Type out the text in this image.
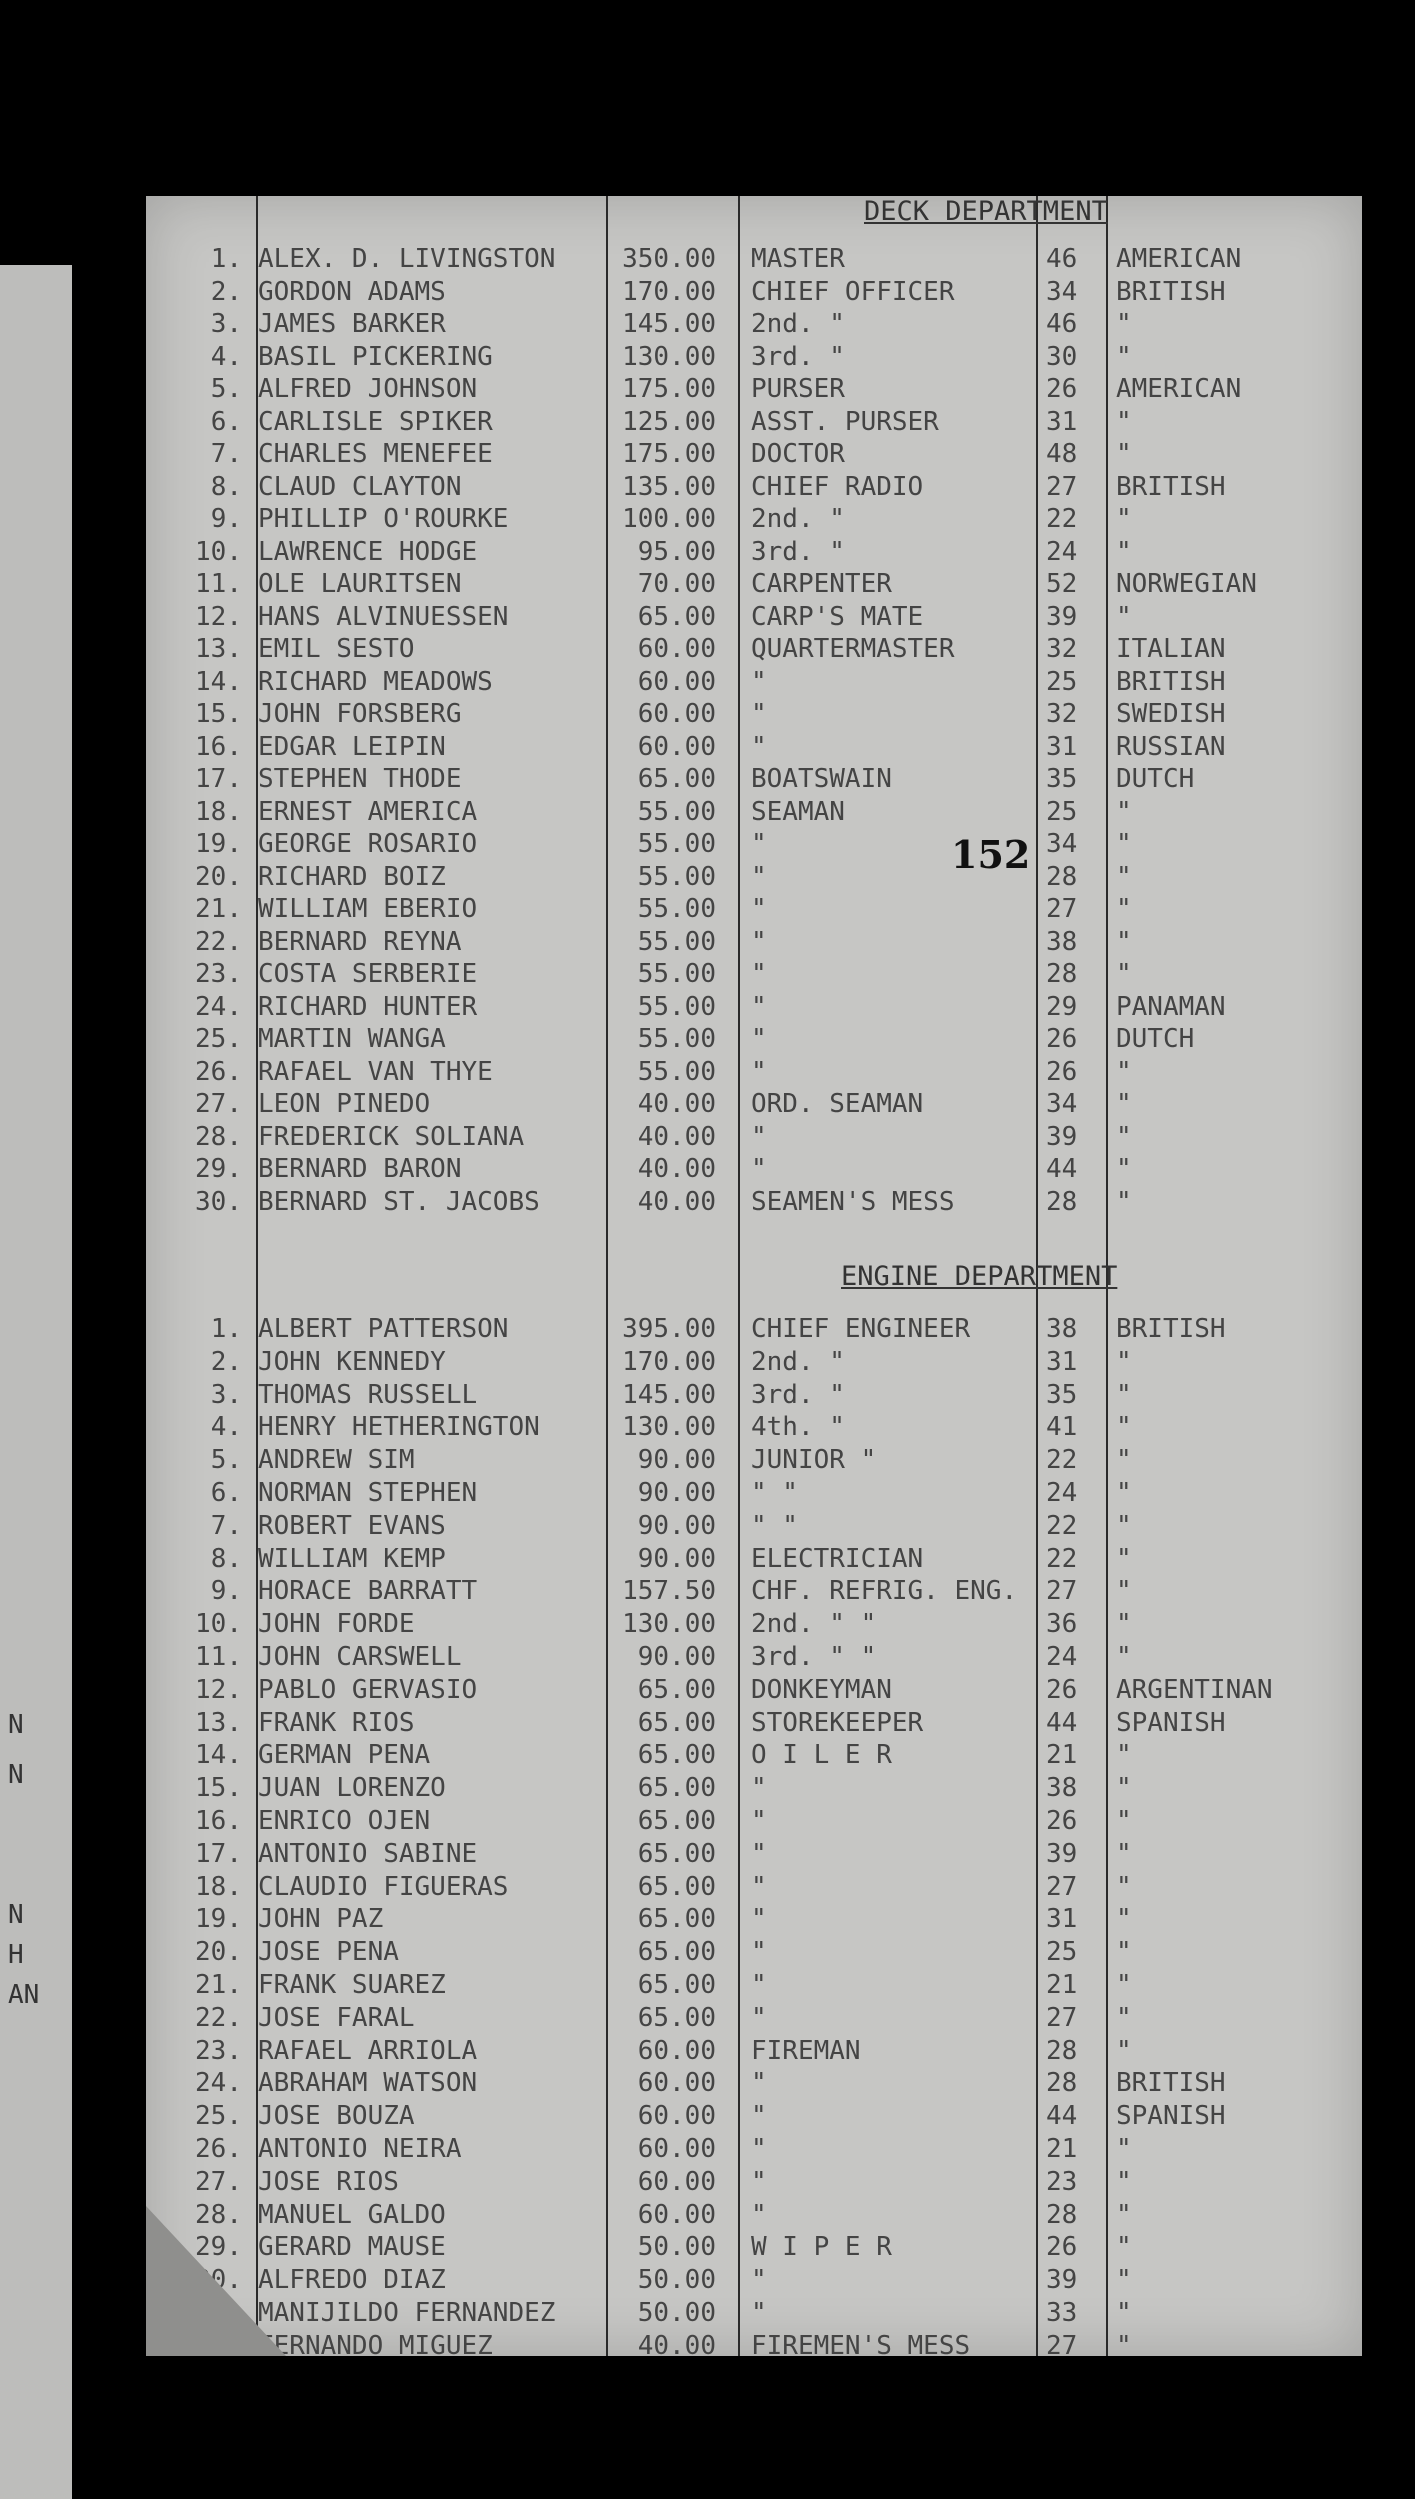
N
N
N
H
AN
DECK DEPARTMENT
1. ALEX. D. LIVINGSTON	350.00 MASTER	46 AMERICAN
2. GORDON ADAMS	170.00 CHIEF OFFICER	34 BRITISH
3. JAMES BARKER	145.00 2nd. "	46 "
4. BASIL PICKERING	130.00 3rd. "	30 "
5. ALFRED JOHNSON	175.00 PURSER	26 AMERICAN
6. CARLISLE SPIKER	125.00 ASST. PURSER	31 "
7. CHARLES MENEFEE	175.00 DOCTOR	48 "
8. CLAUD CLAYTON	135.00 CHIEF RADIO	27 BRITISH
9. PHILLIP O'ROURKE	100.00 2nd. "	22 "
10. LAWRENCE HODGE	95.00 3rd. "	24 "
11. OLE LAURITSEN	70.00 CARPENTER	52 NORWEGIAN
12. HANS ALVINUESSEN	65.00 CARP'S MATE	39 "
13. EMIL SESTO	60.00 QUARTERMASTER	32 ITALIAN
14. RICHARD MEADOWS	60.00 "	25 BRITISH
15. JOHN FORSBERG	60.00 "	32 SWEDISH
16. EDGAR LEIPIN	60.00 "	31 RUSSIAN
17. STEPHEN THODE	65.00 BOATSWAIN	35 DUTCH
18. ERNEST AMERICA	55.00 SEAMAN	25 "
19. GEORGE ROSARIO	55.00 "	34 "
20. RICHARD BOIZ	55.00 "	28 "
21. WILLIAM EBERIO	55.00 "	27 "
22. BERNARD REYNA	55.00 "	38 "
23. COSTA SERBERIE	55.00 "	28 "
24. RICHARD HUNTER	55.00 "	29 PANAMAN
25. MARTIN WANGA	55.00 "	26 DUTCH
26. RAFAEL VAN THYE	55.00 "	26 "
27. LEON PINEDO	40.00 ORD. SEAMAN	34 "
28. FREDERICK SOLIANA	40.00 "	39 "
29. BERNARD BARON	40.00 "	44 "
30. BERNARD ST. JACOBS	40.00 SEAMEN'S MESS	28 "
ENGINE DEPARTMENT
1. ALBERT PATTERSON	395.00 CHIEF ENGINEER	38 BRITISH
2. JOHN KENNEDY	170.00 2nd. "	31 "
3. THOMAS RUSSELL	145.00 3rd. "	35 "
4. HENRY HETHERINGTON	130.00 4th. "	41 "
5. ANDREW SIM	90.00 JUNIOR "	22 "
6. NORMAN STEPHEN	90.00 " "	24 "
7. ROBERT EVANS	90.00 " "	22 "
8. WILLIAM KEMP	90.00 ELECTRICIAN	22 "
9. HORACE BARRATT	157.50 CHF. REFRIG. ENG. 27 "
10. JOHN FORDE	130.00 2nd. " "	36 "
11. JOHN CARSWELL	90.00 3rd. " "	24 "
12. PABLO GERVASIO	65.00 DONKEYMAN	26 ARGENTINAN
13. FRANK RIOS	65.00 STOREKEEPER	44 SPANISH
14. GERMAN PENA	65.00 O I L E R	21 "
15. JUAN LORENZO	65.00 "	38 "
16. ENRICO OJEN	65.00 "	26 "
17. ANTONIO SABINE	65.00 "	39 "
18. CLAUDIO FIGUERAS	65.00 "	27 "
19. JOHN PAZ	65.00 "	31 "
20. JOSE PENA	65.00 "	25 "
21. FRANK SUAREZ	65.00 "	21 "
22. JOSE FARAL	65.00 "	27 "
23. RAFAEL ARRIOLA	60.00 FIREMAN	28 "
24. ABRAHAM WATSON	60.00 "	28 BRITISH
25. JOSE BOUZA	60.00 "	44 SPANISH
26. ANTONIO NEIRA	60.00 "	21 "
27. JOSE RIOS	60.00 "	23 "
28. MANUEL GALDO	60.00 "	28 "
29. GERARD MAUSE	50.00 W I P E R	26 "
30. ALFREDO DIAZ	50.00 "	39 "
31. MANIJILDO FERNANDEZ	50.00 "	33 "
32. FERNANDO MIGUEZ	40.00 FIREMEN'S MESS	27 "
152
